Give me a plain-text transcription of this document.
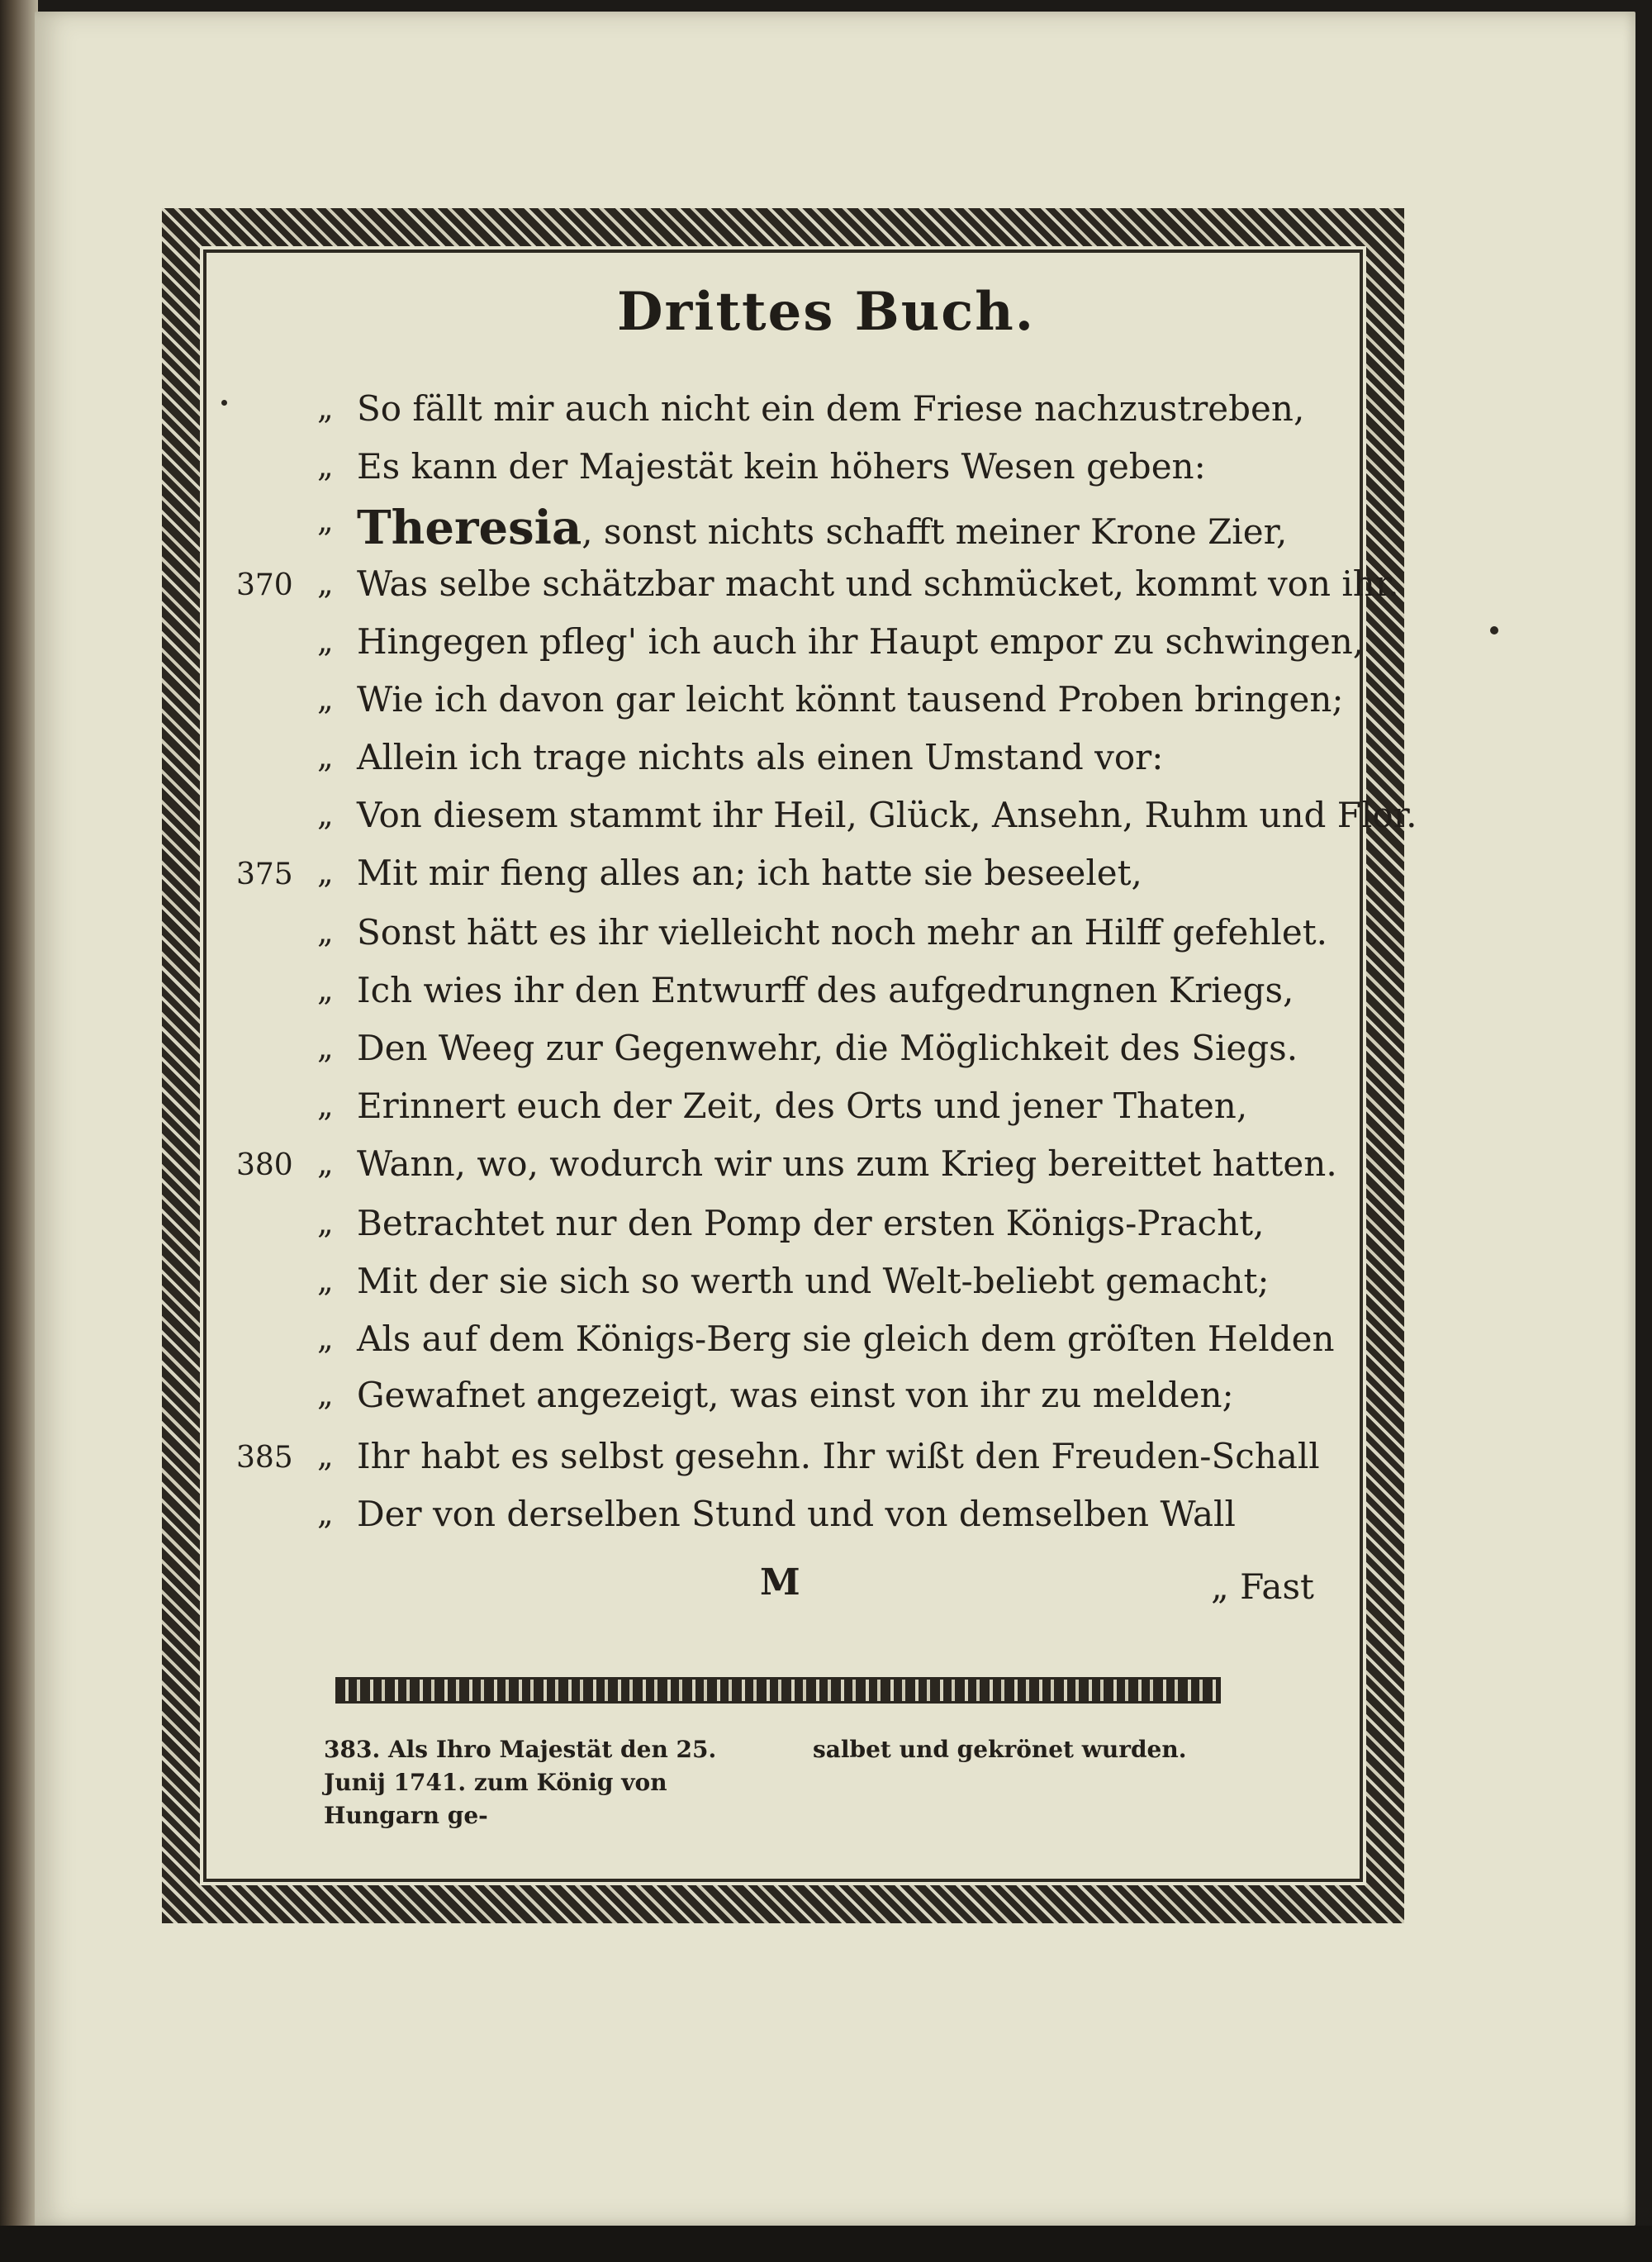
Drittes Buch.
„ So fällt mir auch nicht ein dem Friese nachzustreben,
„ Es kann der Majestät kein höhers Wesen geben:
„ Theresia, sonst nichts schafft meiner Krone Zier,
370 „ Was selbe schätzbar macht und schmücket, kommt von ihr.
„ Hingegen pfleg' ich auch ihr Haupt empor zu schwingen,
„ Wie ich davon gar leicht könnt tausend Proben bringen;
„ Allein ich trage nichts als einen Umstand vor:
„ Von diesem stammt ihr Heil, Glück, Ansehn, Ruhm und Flor.
375 „ Mit mir fieng alles an; ich hatte sie beseelet,
„ Sonst hätt es ihr vielleicht noch mehr an Hilff gefehlet.
„ Ich wies ihr den Entwurff des aufgedrungnen Kriegs,
„ Den Weeg zur Gegenwehr, die Möglichkeit des Siegs.
„ Erinnert euch der Zeit, des Orts und jener Thaten,
380 „ Wann, wo, wodurch wir uns zum Krieg bereittet hatten.
„ Betrachtet nur den Pomp der ersten Königs-Pracht,
„ Mit der sie sich so werth und Welt-beliebt gemacht;
„ Als auf dem Königs-Berg sie gleich dem gröſten Helden
„ Gewafnet angezeigt, was einst von ihr zu melden;
385 „ Ihr habt es selbst gesehn. Ihr wißt den Freuden-Schall
„ Der von derselben Stund und von demselben Wall
M	„ Fast
383. Als Ihro Majestät den 25. Junij 1741. zum König von Hungarn ge-
salbet und gekrönet wurden.
